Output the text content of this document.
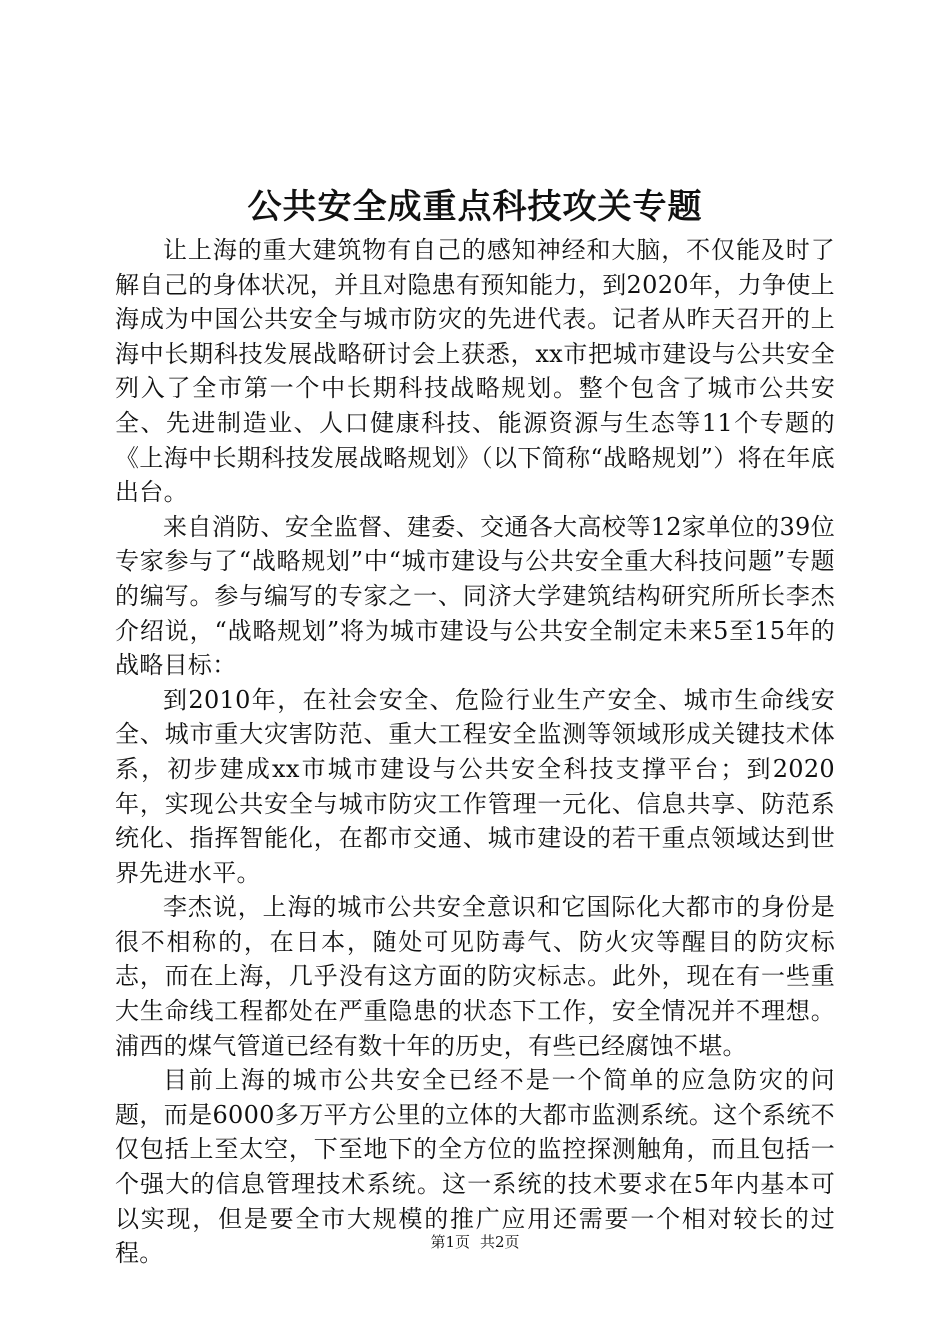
公共安全成重点科技攻关专题

让上海的重大建筑物有自己的感知神经和大脑，不仅能及时了解自己的身体状况，并且对隐患有预知能力，到2020年，力争使上海成为中国公共安全与城市防灾的先进代表。记者从昨天召开的上海中长期科技发展战略研讨会上获悉，xx市把城市建设与公共安全列入了全市第一个中长期科技战略规划。整个包含了城市公共安全、先进制造业、人口健康科技、能源资源与生态等11个专题的《上海中长期科技发展战略规划》（以下简称“战略规划”）将在年底出台。

来自消防、安全监督、建委、交通各大高校等12家单位的39位专家参与了“战略规划”中“城市建设与公共安全重大科技问题”专题的编写。参与编写的专家之一、同济大学建筑结构研究所所长李杰介绍说，“战略规划”将为城市建设与公共安全制定未来5至15年的战略目标：

到2010年，在社会安全、危险行业生产安全、城市生命线安全、城市重大灾害防范、重大工程安全监测等领域形成关键技术体系，初步建成xx市城市建设与公共安全科技支撑平台；到2020年，实现公共安全与城市防灾工作管理一元化、信息共享、防范系统化、指挥智能化，在都市交通、城市建设的若干重点领域达到世界先进水平。

李杰说，上海的城市公共安全意识和它国际化大都市的身份是很不相称的，在日本，随处可见防毒气、防火灾等醒目的防灾标志，而在上海，几乎没有这方面的防灾标志。此外，现在有一些重大生命线工程都处在严重隐患的状态下工作，安全情况并不理想。浦西的煤气管道已经有数十年的历史，有些已经腐蚀不堪。

目前上海的城市公共安全已经不是一个简单的应急防灾的问题，而是6000多万平方公里的立体的大都市监测系统。这个系统不仅包括上至太空，下至地下的全方位的监控探测触角，而且包括一个强大的信息管理技术系统。这一系统的技术要求在5年内基本可以实现，但是要全市大规模的推广应用还需要一个相对较长的过程。	第1页 共2页
